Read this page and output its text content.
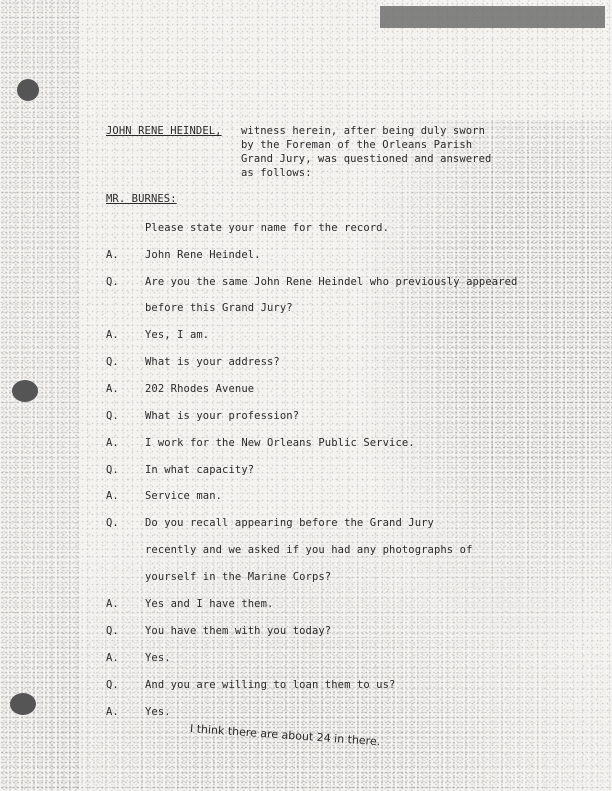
JOHN RENE HEINDEL, witness herein, after being duly sworn
by the Foreman of the Orleans Parish
Grand Jury, was questioned and answered
as follows:
MR. BURNES:
Please state your name for the record.
A. John Rene Heindel.
Q. Are you the same John Rene Heindel who previously appeared
before this Grand Jury?
A. Yes, I am.
Q. What is your address?
A. 202 Rhodes Avenue
Q. What is your profession?
A. I work for the New Orleans Public Service.
Q. In what capacity?
A. Service man.
Q. Do you recall appearing before the Grand Jury
recently and we asked if you had any photographs of
yourself in the Marine Corps?
A. Yes and I have them.
Q. You have them with you today?
A. Yes.
Q. And you are willing to loan them to us?
A. Yes.
I think there are about 24 in there.
